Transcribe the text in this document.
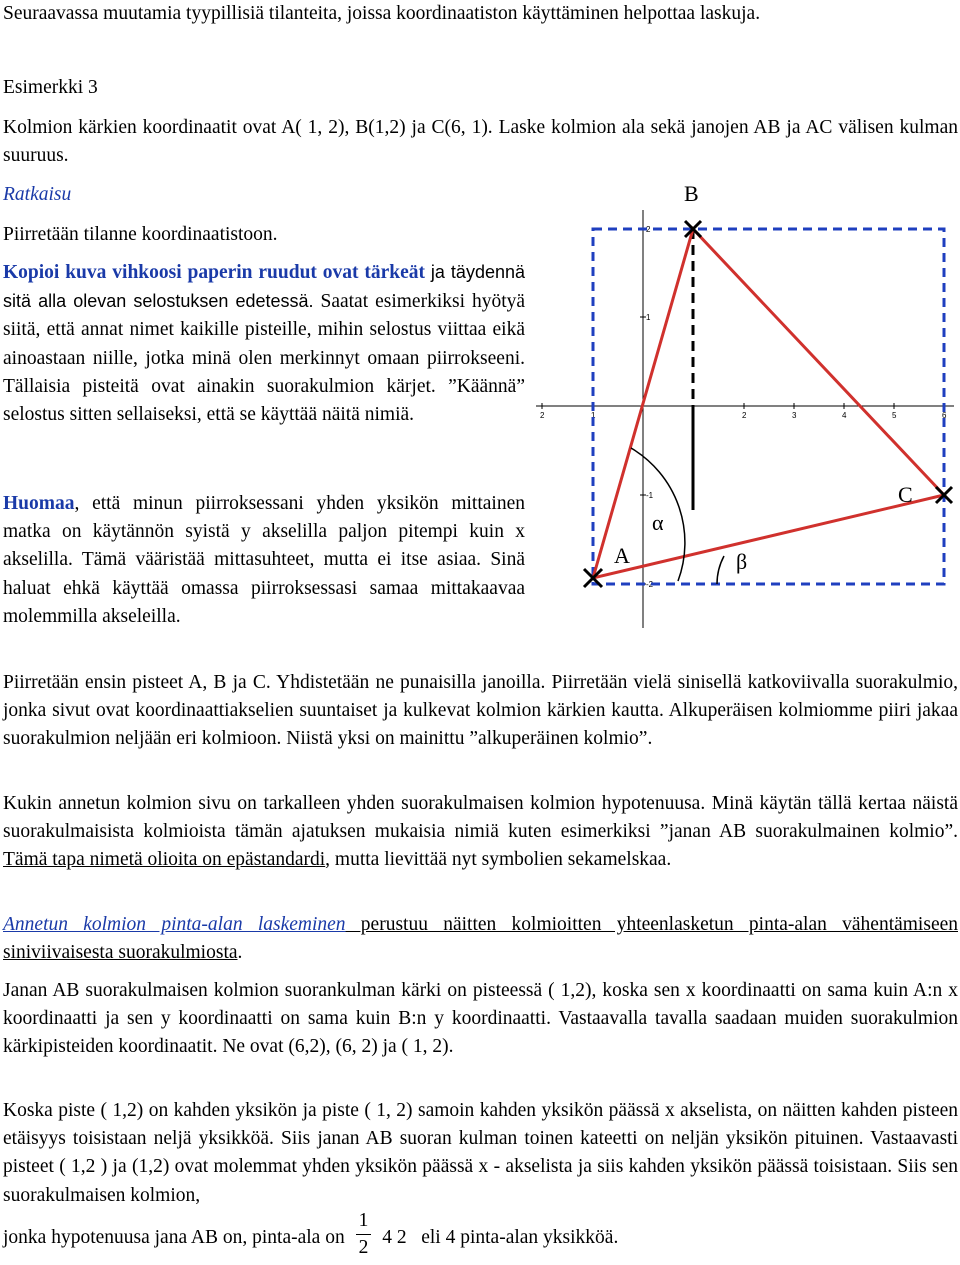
Seuraavassa muutamia tyypillisiä tilanteita, joissa koordinaatiston käyttäminen helpottaa laskuja.

Esimerkki 3

Kolmion kärkien koordinaatit ovat A( 1, 2), B(1,2) ja C(6, 1). Laske kolmion ala sekä janojen AB ja AC välisen kulman suuruus.

Ratkaisu

Piirretään tilanne koordinaatistoon.

Kopioi kuva vihkoosi paperin ruudut ovat tärkeät ja täydennä sitä alla olevan selostuksen edetessä. Saatat esimerkiksi hyötyä siitä, että annat nimet kaikille pisteille, mihin selostus viittaa eikä ainoastaan niille, jotka minä olen merkinnyt omaan piirrokseeni. Tällaisia pisteitä ovat ainakin suorakulmion kärjet. ”Käännä” selostus sitten sellaiseksi, että se käyttää näitä nimiä.

Huomaa, että minun piirroksessani yhden yksikön mittainen matka on käytännön syistä y akselilla paljon pitempi kuin x akselilla. Tämä vääristää mittasuhteet, mutta ei itse asiaa. Sinä haluat ehkä käyttää omassa piirroksessasi samaa mittakaavaa molemmilla akseleilla.

2	1	2	3	4	5	6
2
1
-1
-2
B
A
C
α
β

Piirretään ensin pisteet A, B ja C. Yhdistetään ne punaisilla janoilla. Piirretään vielä sinisellä katkoviivalla suorakulmio, jonka sivut ovat koordinaattiakselien suuntaiset ja kulkevat kolmion kärkien kautta. Alkuperäisen kolmiomme piiri jakaa suorakulmion neljään eri kolmioon. Niistä yksi on mainittu ”alkuperäinen kolmio”.

Kukin annetun kolmion sivu on tarkalleen yhden suorakulmaisen kolmion hypotenuusa. Minä käytän tällä kertaa näistä suorakulmaisista kolmioista tämän ajatuksen mukaisia nimiä kuten esimerkiksi ”janan AB suorakulmainen kolmio”. Tämä tapa nimetä olioita on epästandardi, mutta lievittää nyt symbolien sekamelskaa.

Annetun kolmion pinta-alan laskeminen perustuu näitten kolmioitten yhteenlasketun pinta-alan vähentämiseen siniviivaisesta suorakulmiosta.

Janan AB suorakulmaisen kolmion suorankulman kärki on pisteessä ( 1,2), koska sen x koordinaatti on sama kuin A:n x koordinaatti ja sen y koordinaatti on sama kuin B:n y koordinaatti. Vastaavalla tavalla saadaan muiden suorakulmion kärkipisteiden koordinaatit. Ne ovat (6,2), (6, 2) ja ( 1, 2).

Koska piste ( 1,2) on kahden yksikön ja piste ( 1, 2) samoin kahden yksikön päässä x akselista, on näitten kahden pisteen etäisyys toisistaan neljä yksikköä. Siis janan AB suoran kulman toinen kateetti on neljän yksikön pituinen. Vastaavasti pisteet ( 1,2 ) ja (1,2) ovat molemmat yhden yksikön päässä x - akselista ja siis kahden yksikön päässä toisistaan. Siis sen suorakulmaisen kolmion,

jonka hypotenuusa jana AB on, pinta-ala on $\frac{1}{2} 4$ 2 eli 4 pinta-alan yksikköä.
